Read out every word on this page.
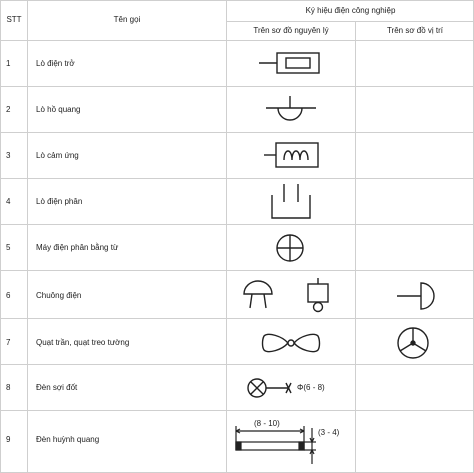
STT	Tên gọi
Ký hiệu điện công nghiệp
Trên sơ đồ nguyên lý	Trên sơ đồ vị trí
1	Lò điện trở
2	Lò hồ quang
3	Lò cảm ứng
4	Lò điện phân
5	Máy điện phân bằng từ
6	Chuông điện
7	Quạt trần, quạt treo tường
8	Đèn sợi đốt	Φ(6 - 8)
9	Đèn huỳnh quang
(8 - 10)
(3 - 4)
